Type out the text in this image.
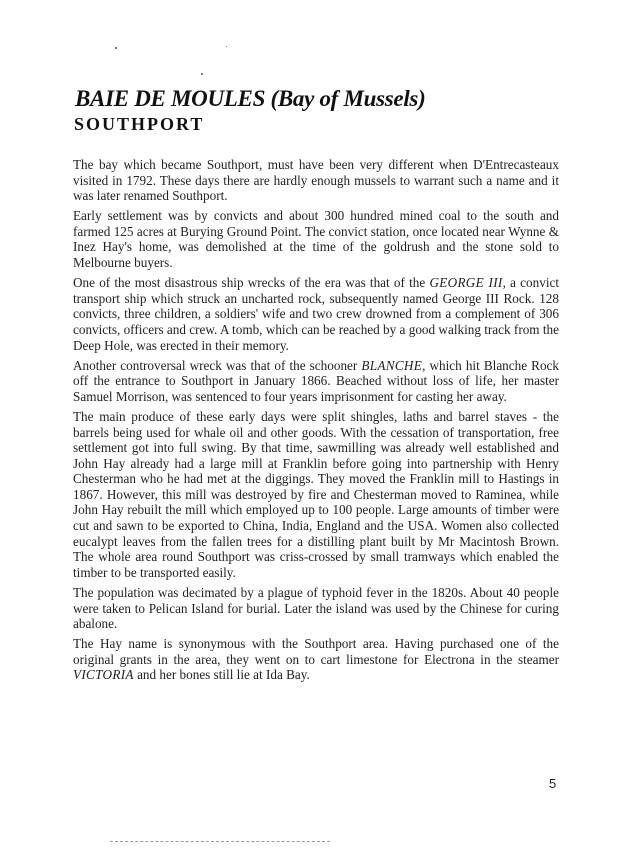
BAIE DE MOULES (Bay of Mussels)
SOUTHPORT

The bay which became Southport, must have been very different when D'Entrecasteaux visited in 1792. These days there are hardly enough mussels to warrant such a name and it was later renamed Southport.

Early settlement was by convicts and about 300 hundred mined coal to the south and farmed 125 acres at Burying Ground Point. The convict station, once located near Wynne & Inez Hay's home, was demolished at the time of the goldrush and the stone sold to Melbourne buyers.

One of the most disastrous ship wrecks of the era was that of the GEORGE III, a convict transport ship which struck an uncharted rock, subsequently named George III Rock. 128 convicts, three children, a soldiers' wife and two crew drowned from a complement of 306 convicts, officers and crew. A tomb, which can be reached by a good walking track from the Deep Hole, was erected in their memory.

Another controversal wreck was that of the schooner BLANCHE, which hit Blanche Rock off the entrance to Southport in January 1866. Beached without loss of life, her master Samuel Morrison, was sentenced to four years imprisonment for casting her away.

The main produce of these early days were split shingles, laths and barrel staves - the barrels being used for whale oil and other goods. With the cessation of transportation, free settlement got into full swing. By that time, sawmilling was already well established and John Hay already had a large mill at Franklin before going into partnership with Henry Chesterman who he had met at the diggings. They moved the Franklin mill to Hastings in 1867. However, this mill was destroyed by fire and Chesterman moved to Raminea, while John Hay rebuilt the mill which employed up to 100 people. Large amounts of timber were cut and sawn to be exported to China, India, England and the USA. Women also collected eucalypt leaves from the fallen trees for a distilling plant built by Mr Macintosh Brown. The whole area round Southport was criss-crossed by small tramways which enabled the timber to be transported easily.

The population was decimated by a plague of typhoid fever in the 1820s. About 40 people were taken to Pelican Island for burial. Later the island was used by the Chinese for curing abalone.

The Hay name is synonymous with the Southport area. Having purchased one of the original grants in the area, they went on to cart limestone for Electrona in the steamer VICTORIA and her bones still lie at Ida Bay.

5
